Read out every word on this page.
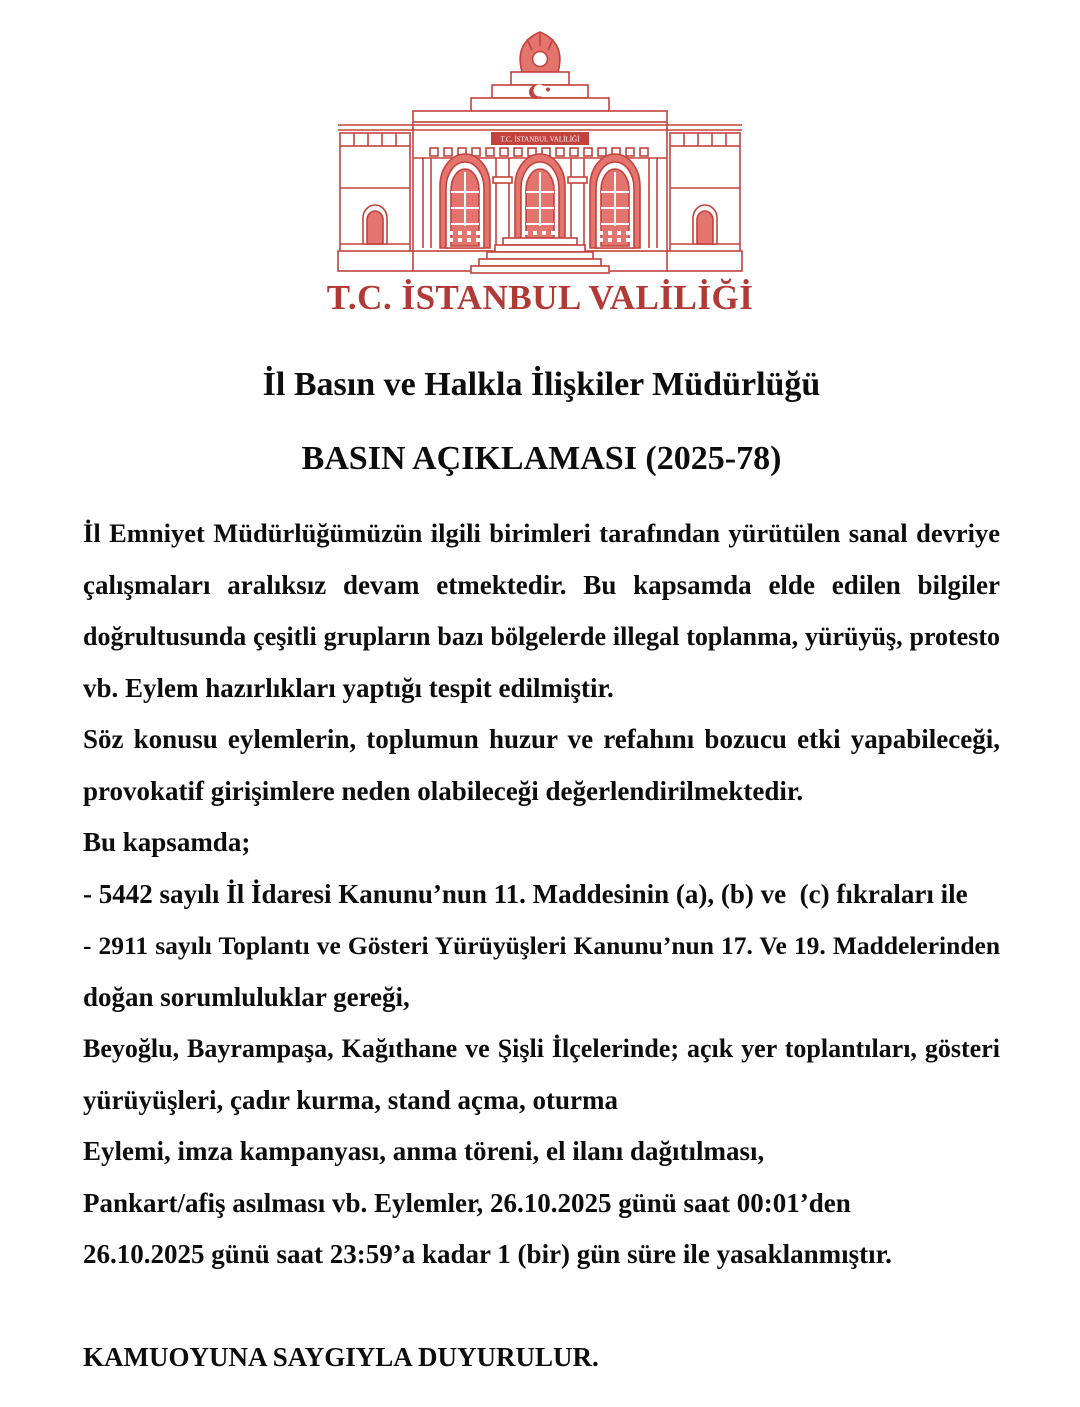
T.C. İSTANBUL VALİLİĞİ
T.C. İSTANBUL VALİLİĞİ
İl Basın ve Halkla İlişkiler Müdürlüğü
BASIN AÇIKLAMASI (2025-78)
İl Emniyet Müdürlüğümüzün ilgili birimleri tarafından yürütülen sanal devriye
çalışmaları aralıksız devam etmektedir. Bu kapsamda elde edilen bilgiler
doğrultusunda çeşitli grupların bazı bölgelerde illegal toplanma, yürüyüş, protesto
vb. Eylem hazırlıkları yaptığı tespit edilmiştir.
Söz konusu eylemlerin, toplumun huzur ve refahını bozucu etki yapabileceği,
provokatif girişimlere neden olabileceği değerlendirilmektedir.
Bu kapsamda;
- 5442 sayılı İl İdaresi Kanunu’nun 11. Maddesinin (a), (b) ve  (c) fıkraları ile
- 2911 sayılı Toplantı ve Gösteri Yürüyüşleri Kanunu’nun 17. Ve 19. Maddelerinden
doğan sorumluluklar gereği,
Beyoğlu, Bayrampaşa, Kağıthane ve Şişli İlçelerinde; açık yer toplantıları, gösteri
yürüyüşleri, çadır kurma, stand açma, oturma
Eylemi, imza kampanyası, anma töreni, el ilanı dağıtılması,
Pankart/afiş asılması vb. Eylemler, 26.10.2025 günü saat 00:01’den
26.10.2025 günü saat 23:59’a kadar 1 (bir) gün süre ile yasaklanmıştır.

KAMUOYUNA SAYGIYLA DUYURULUR.
